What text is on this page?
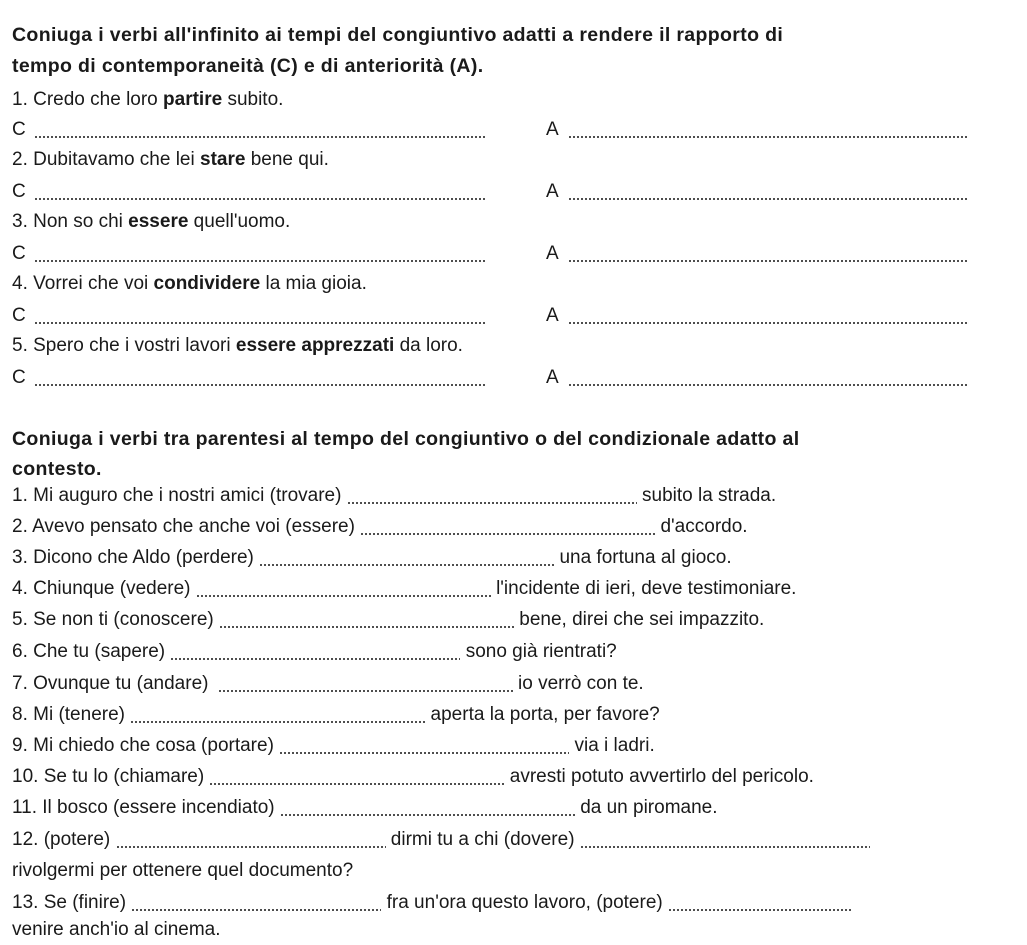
Coniuga i verbi all'infinito ai tempi del congiuntivo adatti a rendere il rapporto di
tempo di contemporaneità (C) e di anteriorità (A).
1. Credo che loro partire subito.
C	A
2. Dubitavamo che lei stare bene qui.
C	A
3. Non so chi essere quell'uomo.
C	A
4. Vorrei che voi condividere la mia gioia.
C	A
5. Spero che i vostri lavori essere apprezzati da loro.
C	A
Coniuga i verbi tra parentesi al tempo del congiuntivo o del condizionale adatto al
contesto.
1. Mi auguro che i nostri amici (trovare)	subito la strada.
2. Avevo pensato che anche voi (essere)	d'accordo.
3. Dicono che Aldo (perdere)	una fortuna al gioco.
4. Chiunque (vedere)	l'incidente di ieri, deve testimoniare.
5. Se non ti (conoscere)	bene, direi che sei impazzito.
6. Che tu (sapere)	sono già rientrati?
7. Ovunque tu (andare)	io verrò con te.
8. Mi (tenere)	aperta la porta, per favore?
9. Mi chiedo che cosa (portare)	via i ladri.
10. Se tu lo (chiamare)	avresti potuto avvertirlo del pericolo.
11. Il bosco (essere incendiato)	da un piromane.
12. (potere)	dirmi tu a chi (dovere)
rivolgermi per ottenere quel documento?
13. Se (finire)	fra un'ora questo lavoro, (potere)
venire anch'io al cinema.
